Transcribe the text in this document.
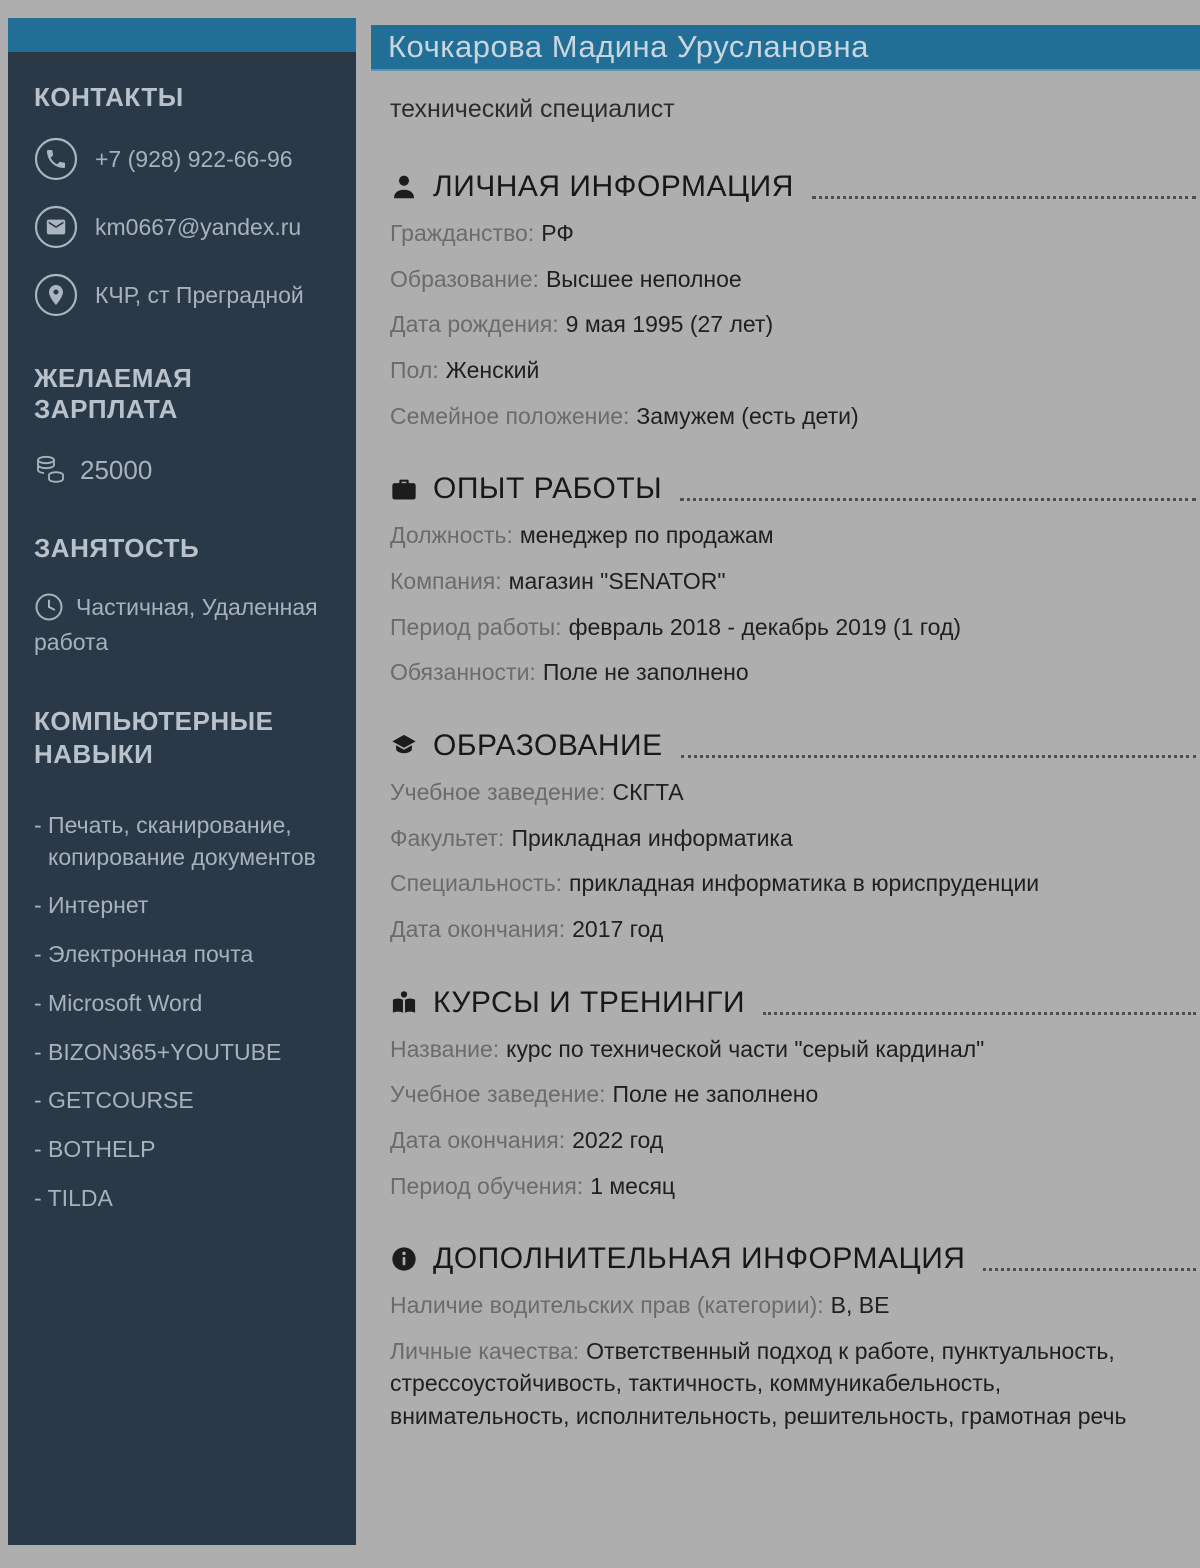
КОНТАКТЫ
+7 (928) 922-66-96
km0667@yandex.ru
КЧР, ст Преградной
ЖЕЛАЕМАЯ ЗАРПЛАТА
25000
ЗАНЯТОСТЬ
Частичная, Удаленная работа
КОМПЬЮТЕРНЫЕ НАВЫКИ
- Печать, сканирование, копирование документов
- Интернет
- Электронная почта
- Microsoft Word
- BIZON365+YOUTUBE
- GETCOURSE
- BOTHELP
- TILDA
Кочкарова Мадина Уруслановна
технический специалист
ЛИЧНАЯ ИНФОРМАЦИЯ

Гражданство: РФ

Образование: Высшее неполное

Дата рождения: 9 мая 1995 (27 лет)

Пол: Женский

Семейное положение: Замужем (есть дети)

ОПЫТ РАБОТЫ

Должность: менеджер по продажам

Компания: магазин "SENATOR"

Период работы: февраль 2018 - декабрь 2019 (1 год)

Обязанности: Поле не заполнено

ОБРАЗОВАНИЕ

Учебное заведение: СКГТА

Факультет: Прикладная информатика

Специальность: прикладная информатика в юриспруденции

Дата окончания: 2017 год

КУРСЫ И ТРЕНИНГИ

Название: курс по технической части "серый кардинал"

Учебное заведение: Поле не заполнено

Дата окончания: 2022 год

Период обучения: 1 месяц

ДОПОЛНИТЕЛЬНАЯ ИНФОРМАЦИЯ

Наличие водительских прав (категории): В, ВЕ

Личные качества: Ответственный подход к работе, пунктуальность, стрессоустойчивость, тактичность, коммуникабельность, внимательность, исполнительность, решительность, грамотная речь
